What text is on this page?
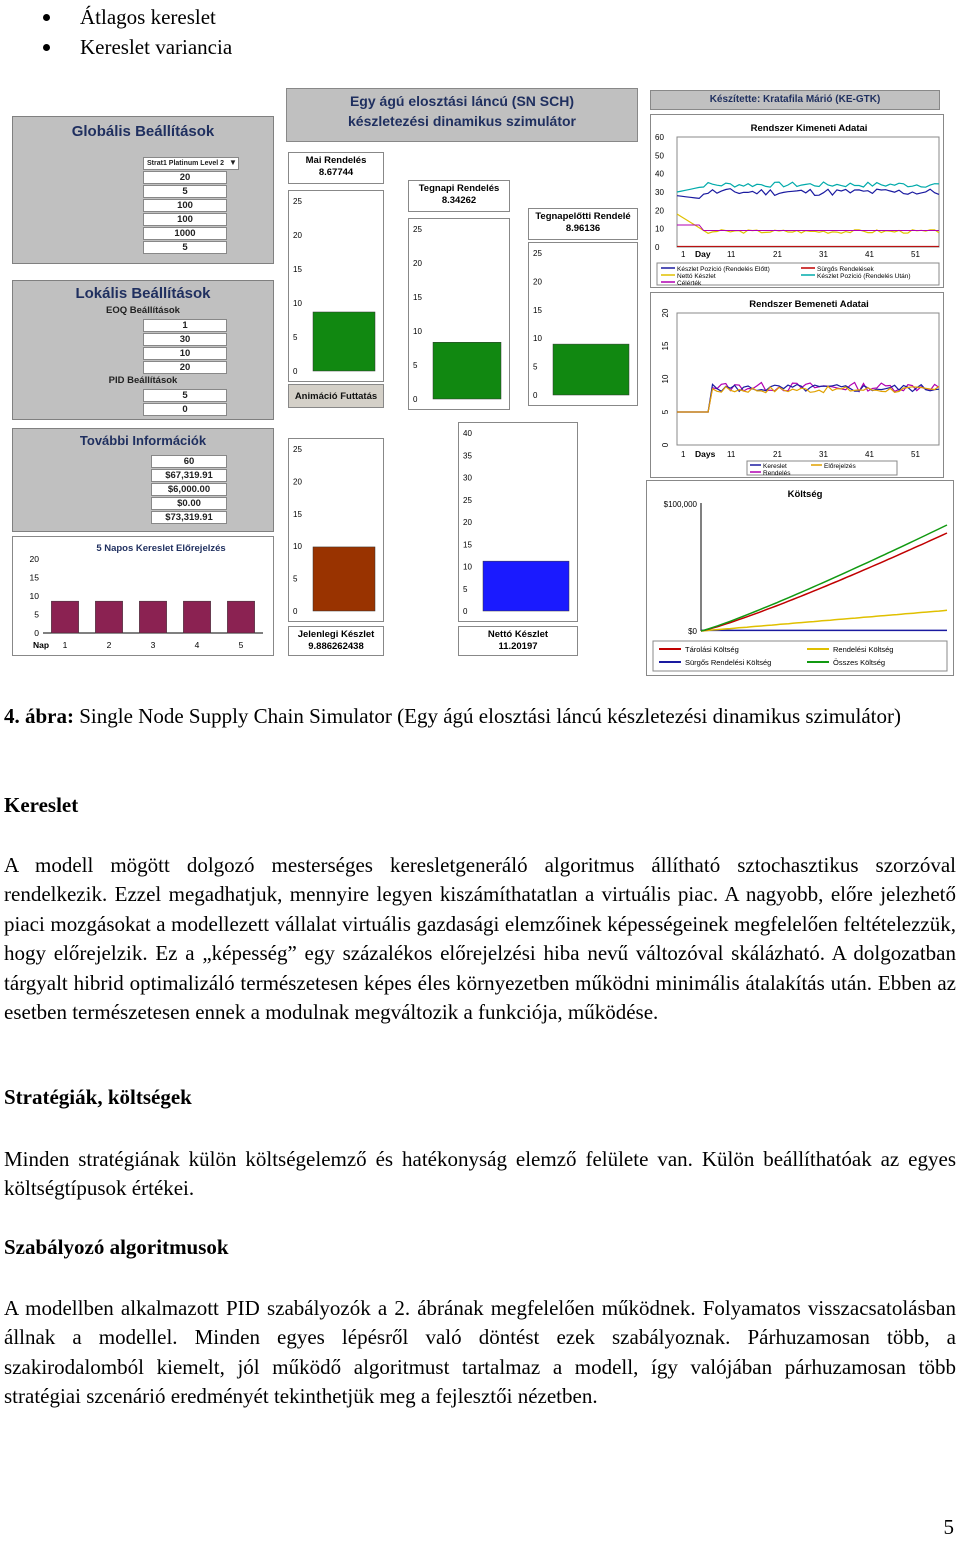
Átlagos kereslet
Kereslet variancia
Globális Beállítások
Strat1 Platinum Level 2 ▼
20
5
100
100
1000
5
Lokális Beállítások
EOQ Beállítások
1
30
10
20
PID Beállítások
5
0
További Információk
60
$67,319.91
$6,000.00
$0.00
$73,319.91
5 Napos Kereslet Előrejelzés
Nap
0
5
10
15
20
1	2	3	4	5
Egy ágú elosztási láncú (SN SCH)
készletezési dinamikus szimulátor
Készítette: Kratafila Márió (KE-GTK)
Mai Rendelés
8.67744
0
5
10
15
20
25
Tegnapi Rendelés
8.34262
0
5
10
15
20
25
Tegnapelőtti Rendelé
8.96136
0
5
10
15
20
25
Animáció Futtatás
0
5
10
15
20
25
Jelenlegi Készlet
9.886262438
0
5
10
15
20
25
30
35
40
Nettó Készlet
11.20197
Rendszer Kimeneti Adatai
Day
Készlet Pozíció (Rendelés Előtt)	Sürgős Rendelések
Nettó Készlet	Készlet Pozíció (Rendelés Után)
Célérték
0
10
20
30
40
50
60
1	11	21	31	41	51
Rendszer Bemeneti Adatai
Days
Kereslet	Előrejelzés
Rendelés
0
5
10
15
20
1	11	21	31	41	51
Költség
Tárolási Költség	Rendelési Költség
Sürgős Rendelési Költség	Összes Költség
$0
$100,000
4. ábra: Single Node Supply Chain Simulator (Egy ágú elosztási láncú készletezési dinamikus szimulátor)
Kereslet
A modell mögött dolgozó mesterséges keresletgeneráló algoritmus állítható sztochasztikus szorzóval rendelkezik. Ezzel megadhatjuk, mennyire legyen kiszámíthatatlan a virtuális piac. A nagyobb, előre jelezhető piaci mozgásokat a modellezett vállalat virtuális gazdasági elemzőinek képességeinek megfelelően feltételezzük, hogy előrejelzik. Ez a „képesség” egy százalékos előrejelzési hiba nevű változóval skálázható. A dolgozatban tárgyalt hibrid optimalizáló természetesen képes éles környezetben működni minimális átalakítás után. Ebben az esetben természetesen ennek a modulnak megváltozik a funkciója, működése.
Stratégiák, költségek
Minden stratégiának külön költségelemző és hatékonyság elemző felülete van. Külön beállíthatóak az egyes költségtípusok értékei.
Szabályozó algoritmusok
A modellben alkalmazott PID szabályozók a 2. ábrának megfelelően működnek. Folyamatos visszacsatolásban állnak a modellel. Minden egyes lépésről való döntést ezek szabályoznak. Párhuzamosan több, a szakirodalomból kiemelt, jól működő algoritmust tartalmaz a modell, így valójában párhuzamosan több stratégiai szcenárió eredményét tekinthetjük meg a fejlesztői nézetben.
5
